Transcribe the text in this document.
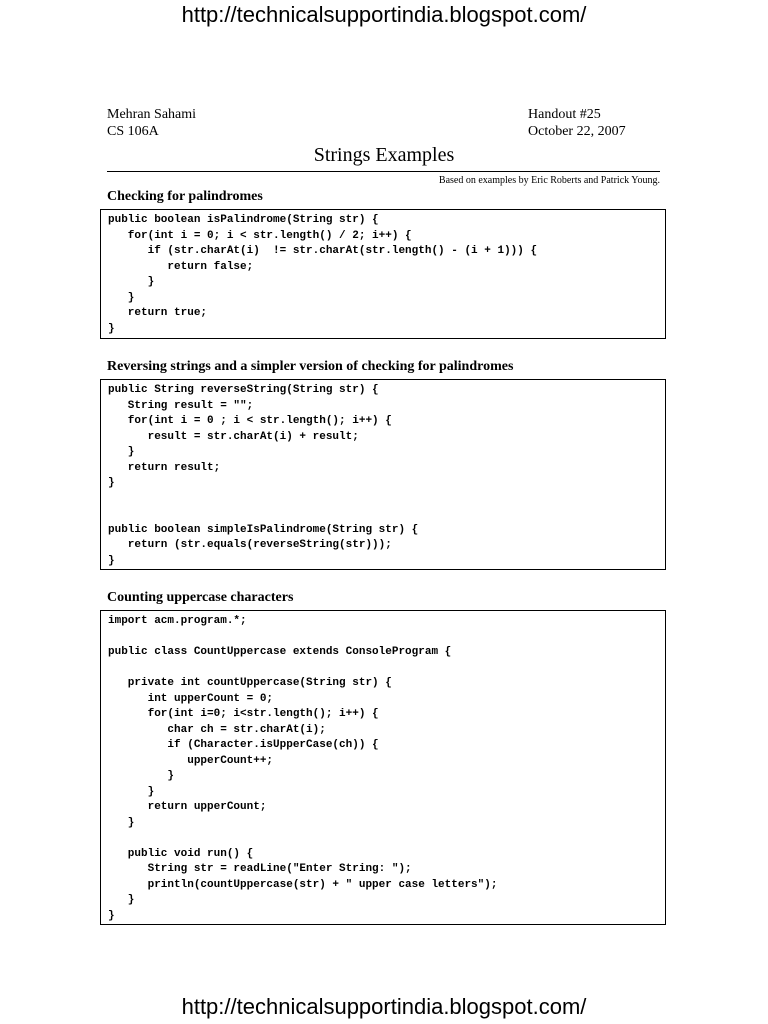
http://technicalsupportindia.blogspot.com/
Mehran Sahami
CS 106A
Handout #25
October 22, 2007
Strings Examples
Based on examples by Eric Roberts and Patrick Young.
Checking for palindromes
public boolean isPalindrome(String str) {
for(int i = 0; i < str.length() / 2; i++) {
if (str.charAt(i)  != str.charAt(str.length() - (i + 1))) {
return false;
}
}
return true;
}
Reversing strings and a simpler version of checking for palindromes
public String reverseString(String str) {
String result = "";
for(int i = 0 ; i < str.length(); i++) {
result = str.charAt(i) + result;
}
return result;
}

public boolean simpleIsPalindrome(String str) {
return (str.equals(reverseString(str)));
}
Counting uppercase characters
import acm.program.*;

public class CountUppercase extends ConsoleProgram {

private int countUppercase(String str) {
int upperCount = 0;
for(int i=0; i<str.length(); i++) {
char ch = str.charAt(i);
if (Character.isUpperCase(ch)) {
upperCount++;
}
}
return upperCount;
}

public void run() {
String str = readLine("Enter String: ");
println(countUppercase(str) + " upper case letters");
}
}
http://technicalsupportindia.blogspot.com/
